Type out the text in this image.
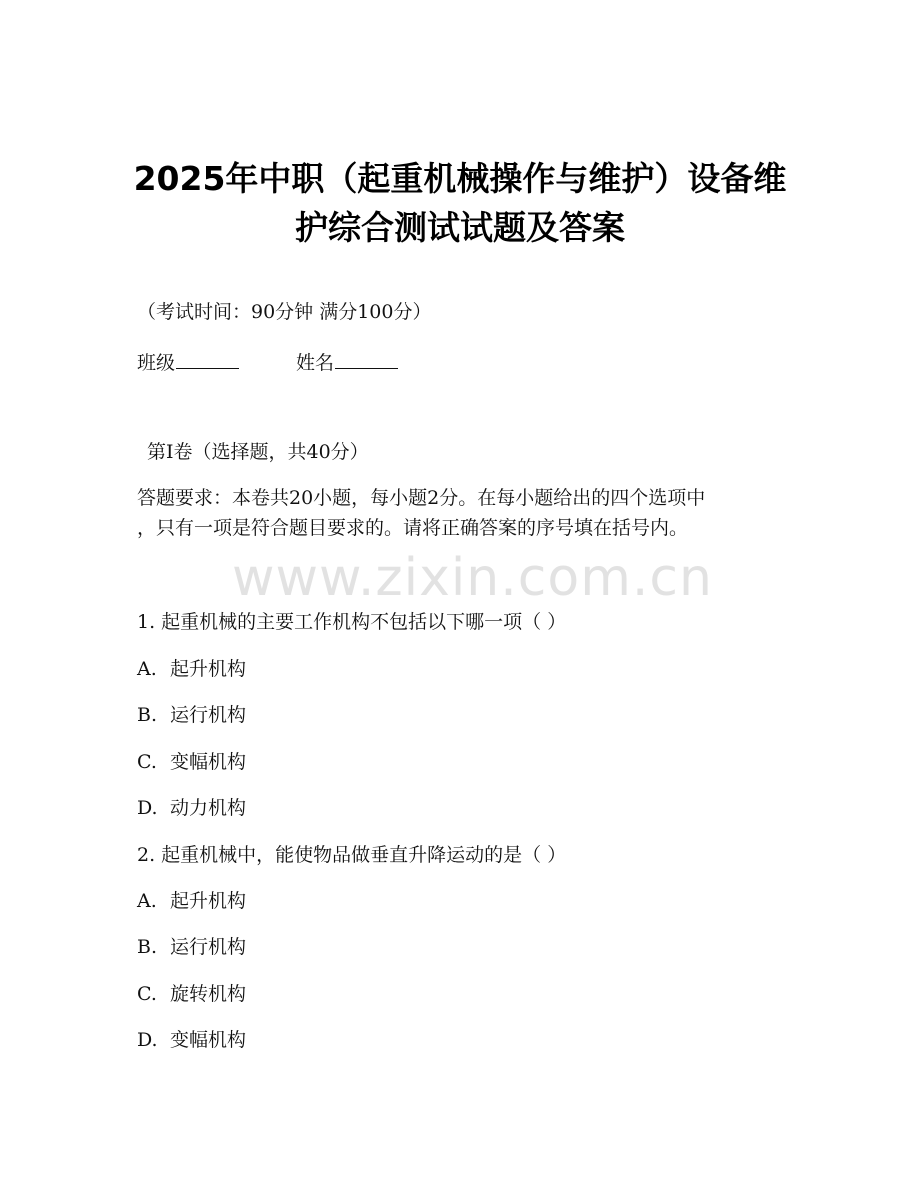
2025年中职（起重机械操作与维护）设备维
护综合测试试题及答案
（考试时间：90分钟 满分100分）
班级	姓名
第I卷（选择题，共40分）
答题要求：本卷共20小题，每小题2分。在每小题给出的四个选项中
，只有一项是符合题目要求的。请将正确答案的序号填在括号内。
www.zixin.com.cn
1. 起重机械的主要工作机构不包括以下哪一项（ ）
A. 起升机构
B. 运行机构
C. 变幅机构
D. 动力机构
2. 起重机械中，能使物品做垂直升降运动的是（ ）
A. 起升机构
B. 运行机构
C. 旋转机构
D. 变幅机构
